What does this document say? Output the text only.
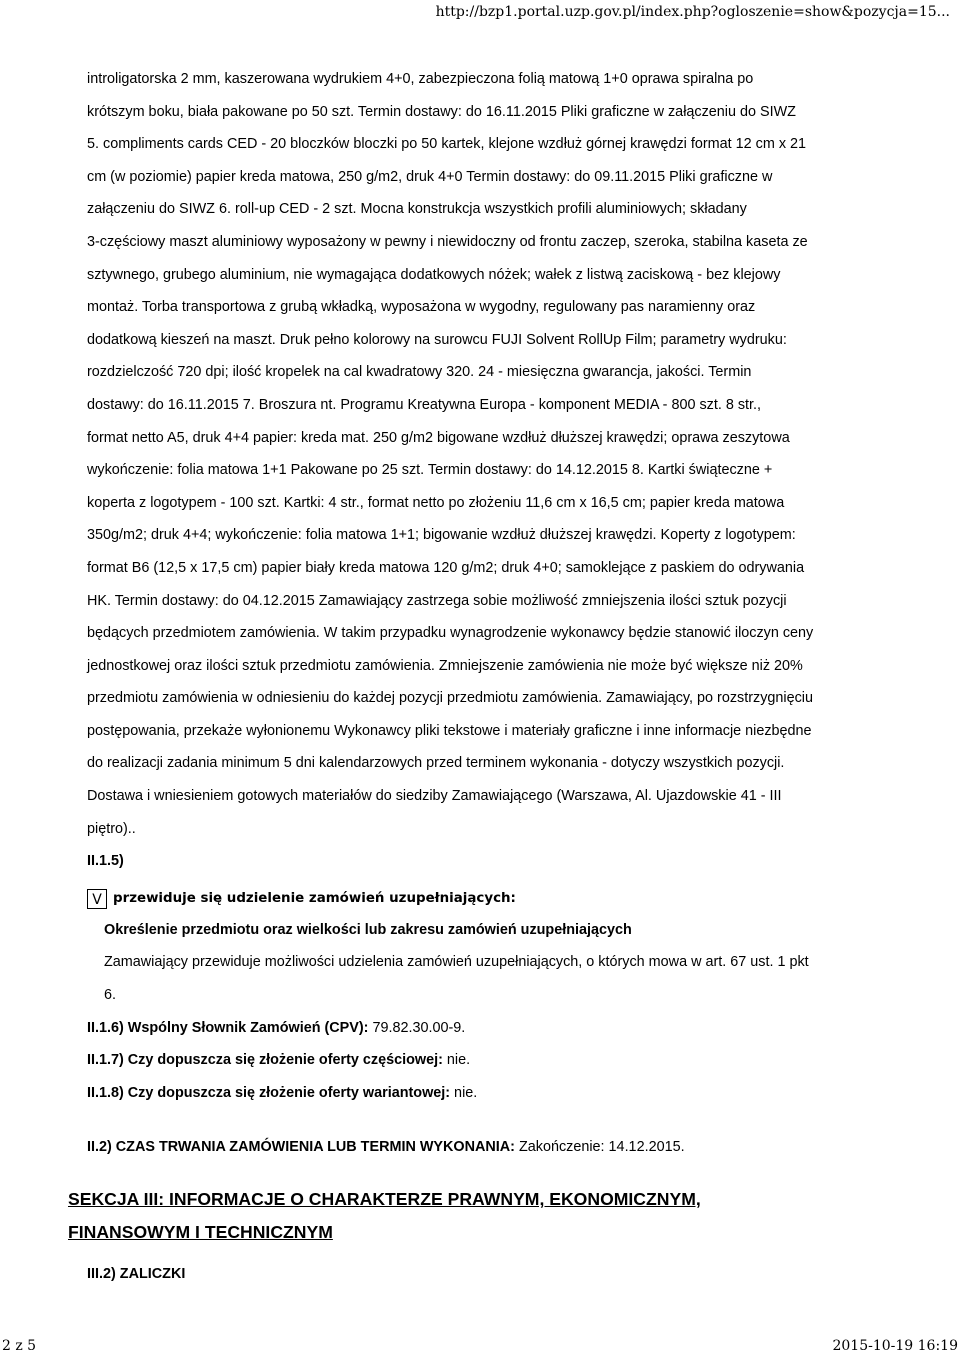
http://bzp1.portal.uzp.gov.pl/index.php?ogloszenie=show&pozycja=15...
introligatorska 2 mm, kaszerowana wydrukiem 4+0, zabezpieczona folią matową 1+0 oprawa spiralna po
krótszym boku, biała pakowane po 50 szt. Termin dostawy: do 16.11.2015 Pliki graficzne w załączeniu do SIWZ
5. compliments cards CED - 20 bloczków bloczki po 50 kartek, klejone wzdłuż górnej krawędzi format 12 cm x 21
cm (w poziomie) papier kreda matowa, 250 g/m2, druk 4+0 Termin dostawy: do 09.11.2015 Pliki graficzne w
załączeniu do SIWZ 6. roll-up CED - 2 szt. Mocna konstrukcja wszystkich profili aluminiowych; składany
3-częściowy maszt aluminiowy wyposażony w pewny i niewidoczny od frontu zaczep, szeroka, stabilna kaseta ze
sztywnego, grubego aluminium, nie wymagająca dodatkowych nóżek; wałek z listwą zaciskową - bez klejowy
montaż. Torba transportowa z grubą wkładką, wyposażona w wygodny, regulowany pas naramienny oraz
dodatkową kieszeń na maszt. Druk pełno kolorowy na surowcu FUJI Solvent RollUp Film; parametry wydruku:
rozdzielczość 720 dpi; ilość kropelek na cal kwadratowy 320. 24 - miesięczna gwarancja, jakości. Termin
dostawy: do 16.11.2015 7. Broszura nt. Programu Kreatywna Europa - komponent MEDIA - 800 szt. 8 str.,
format netto A5, druk 4+4 papier: kreda mat. 250 g/m2 bigowane wzdłuż dłuższej krawędzi; oprawa zeszytowa
wykończenie: folia matowa 1+1 Pakowane po 25 szt. Termin dostawy: do 14.12.2015 8. Kartki świąteczne +
koperta z logotypem - 100 szt. Kartki: 4 str., format netto po złożeniu 11,6 cm x 16,5 cm; papier kreda matowa
350g/m2; druk 4+4; wykończenie: folia matowa 1+1; bigowanie wzdłuż dłuższej krawędzi. Koperty z logotypem:
format B6 (12,5 x 17,5 cm) papier biały kreda matowa 120 g/m2; druk 4+0; samoklejące z paskiem do odrywania
HK. Termin dostawy: do 04.12.2015 Zamawiający zastrzega sobie możliwość zmniejszenia ilości sztuk pozycji
będących przedmiotem zamówienia. W takim przypadku wynagrodzenie wykonawcy będzie stanowić iloczyn ceny
jednostkowej oraz ilości sztuk przedmiotu zamówienia. Zmniejszenie zamówienia nie może być większe niż 20%
przedmiotu zamówienia w odniesieniu do każdej pozycji przedmiotu zamówienia. Zamawiający, po rozstrzygnięciu
postępowania, przekaże wyłonionemu Wykonawcy pliki tekstowe i materiały graficzne i inne informacje niezbędne
do realizacji zadania minimum 5 dni kalendarzowych przed terminem wykonania - dotyczy wszystkich pozycji.
Dostawa i wniesieniem gotowych materiałów do siedziby Zamawiającego (Warszawa, Al. Ujazdowskie 41 - III
piętro)..
II.1.5)
V przewiduje się udzielenie zamówień uzupełniających:
Określenie przedmiotu oraz wielkości lub zakresu zamówień uzupełniających
Zamawiający przewiduje możliwości udzielenia zamówień uzupełniających, o których mowa w art. 67 ust. 1 pkt
6.
II.1.6) Wspólny Słownik Zamówień (CPV): 79.82.30.00-9.
II.1.7) Czy dopuszcza się złożenie oferty częściowej: nie.
II.1.8) Czy dopuszcza się złożenie oferty wariantowej: nie.
II.2) CZAS TRWANIA ZAMÓWIENIA LUB TERMIN WYKONANIA: Zakończenie: 14.12.2015.
SEKCJA III: INFORMACJE O CHARAKTERZE PRAWNYM, EKONOMICZNYM,
FINANSOWYM I TECHNICZNYM
III.2) ZALICZKI
2 z 5	2015-10-19 16:19
